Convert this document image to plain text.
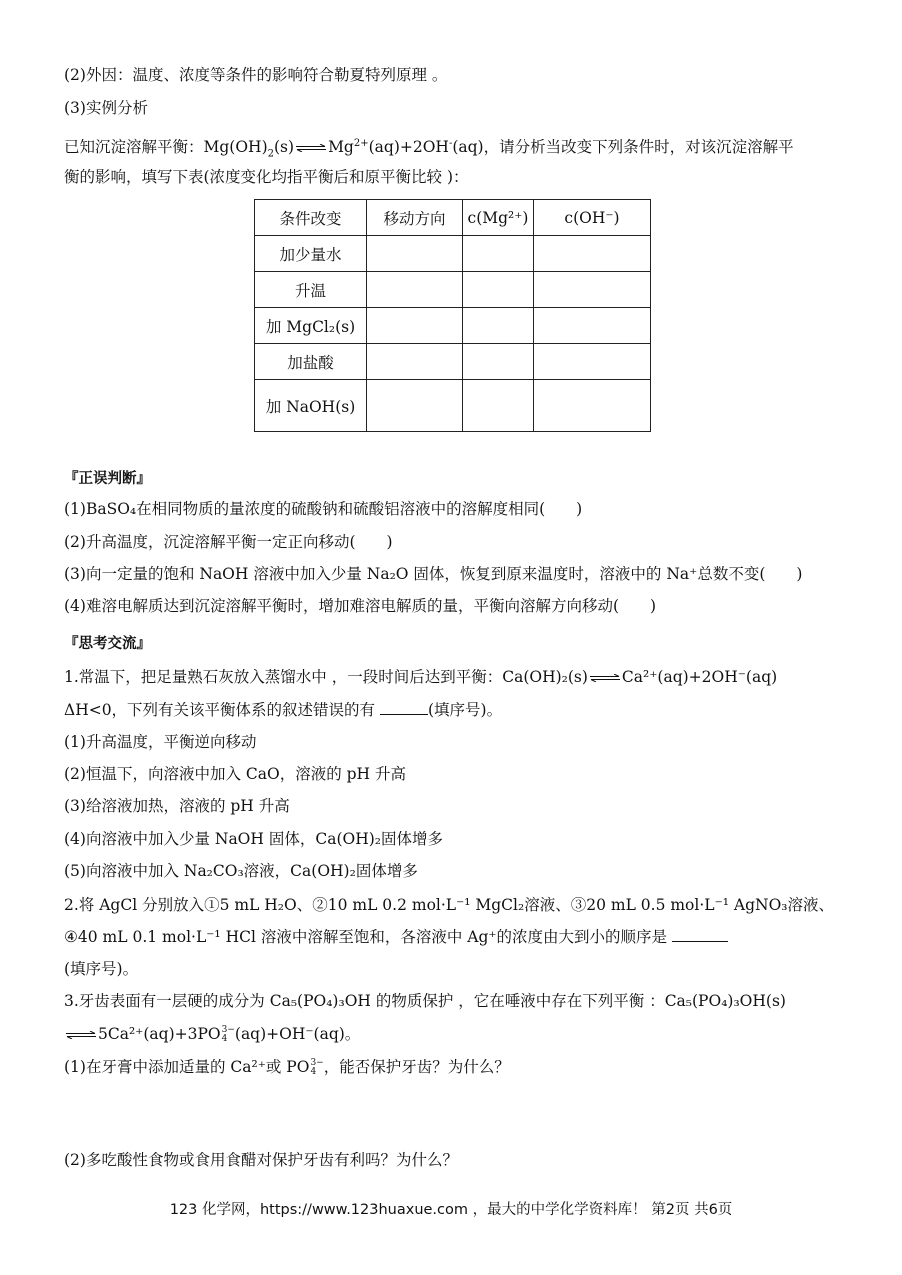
(2)外因：温度、浓度等条件的影响符合勒夏特列原理 。
(3)实例分析
已知沉淀溶解平衡：$Mg(OH)_2(s)$ $Mg^{2+}(aq)+2OH^-(aq)$，请分析当改变下列条件时，对该沉淀溶解平
衡的影响，填写下表(浓度变化均指平衡后和原平衡比较 )：
条件改变	移动方向	c(Mg²⁺)	c(OH⁻)
加少量水			
升温			
加 MgCl₂(s)			
加盐酸			
加 NaOH(s)			
『正误判断』
(1)BaSO₄在相同物质的量浓度的硫酸钠和硫酸铝溶液中的溶解度相同(　　)
(2)升高温度，沉淀溶解平衡一定正向移动(　　)
(3)向一定量的饱和 NaOH 溶液中加入少量 Na₂O 固体，恢复到原来温度时，溶液中的 Na⁺总数不变(　　)
(4)难溶电解质达到沉淀溶解平衡时，增加难溶电解质的量，平衡向溶解方向移动(　　)
『思考交流』
1.常温下，把足量熟石灰放入蒸馏水中 ，一段时间后达到平衡：Ca(OH)₂(s) Ca²⁺(aq)+2OH⁻(aq)
ΔH<0，下列有关该平衡体系的叙述错误的有	(填序号)。
(1)升高温度，平衡逆向移动
(2)恒温下，向溶液中加入 CaO，溶液的 pH 升高
(3)给溶液加热，溶液的 pH 升高
(4)向溶液中加入少量 NaOH 固体，Ca(OH)₂固体增多
(5)向溶液中加入 Na₂CO₃溶液，Ca(OH)₂固体增多
2.将 AgCl 分别放入①5 mL H₂O、②10 mL 0.2 mol·L⁻¹ MgCl₂溶液、③20 mL 0.5 mol·L⁻¹ AgNO₃溶液、
④40 mL 0.1 mol·L⁻¹ HCl 溶液中溶解至饱和，各溶液中 Ag⁺的浓度由大到小的顺序是
(填序号)。
3.牙齿表面有一层硬的成分为 Ca₅(PO₄)₃OH 的物质保护 ，它在唾液中存在下列平衡 ：Ca₅(PO₄)₃OH(s)
5Ca²⁺(aq)+3PO 3−
4 (aq)+OH⁻(aq)。
(1)在牙膏中添加适量的 Ca²⁺或 PO 3−
4 ，能否保护牙齿？为什么？
(2)多吃酸性食物或食用食醋对保护牙齿有利吗？为什么？
123 化学网，https://www.123huaxue.com ，最大的中学化学资料库！ 第2页 共6页
